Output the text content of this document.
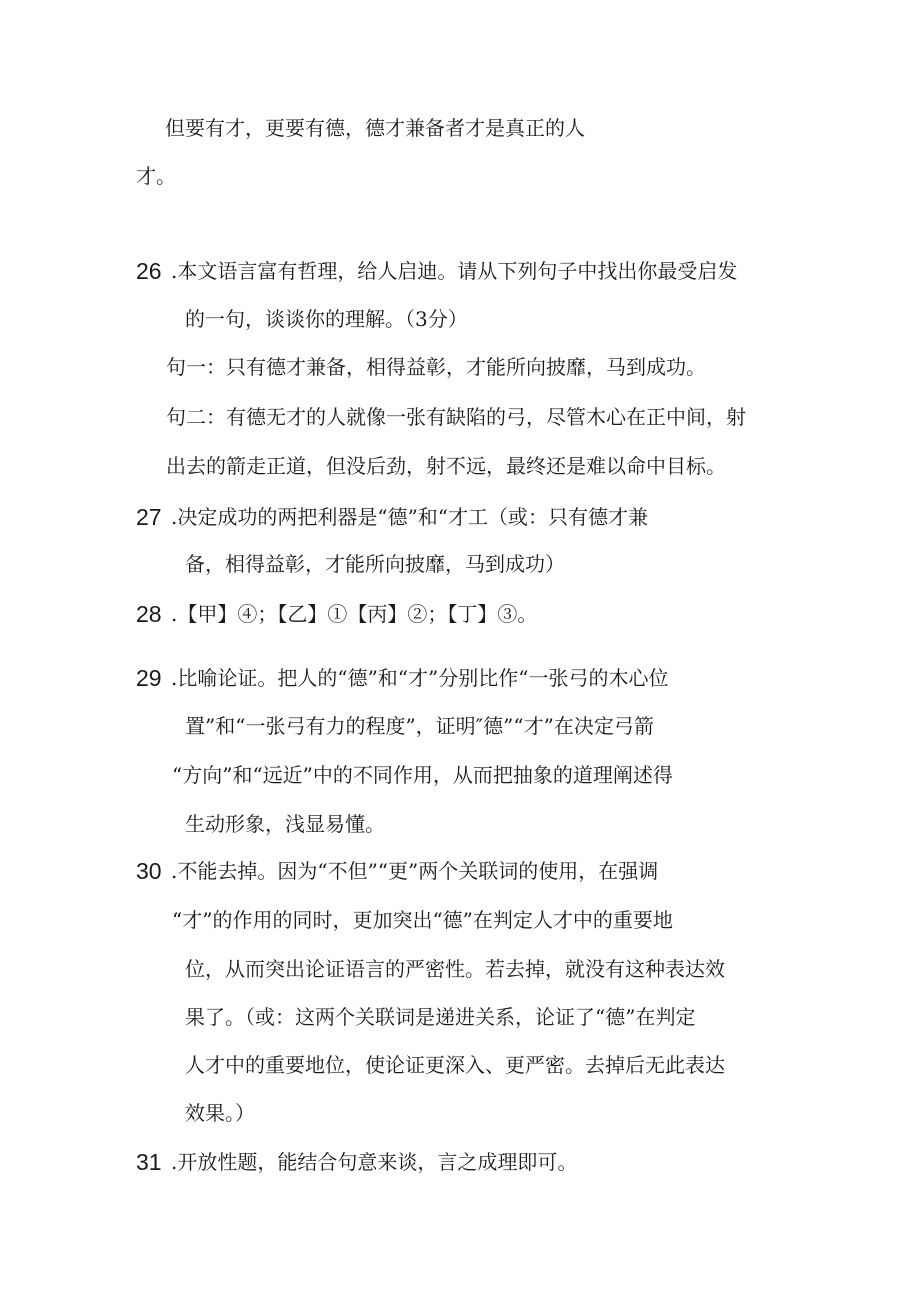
但要有才，更要有德，德才兼备者才是真正的人
才。
26 .本文语言富有哲理，给人启迪。请从下列句子中找出你最受启发
的一句，谈谈你的理解。（3分）
句一：只有德才兼备，相得益彰，才能所向披靡，马到成功。
句二：有德无才的人就像一张有缺陷的弓，尽管木心在正中间，射
出去的箭走正道，但没后劲，射不远，最终还是难以命中目标。
27 .决定成功的两把利器是“德”和“才工（或：只有德才兼
备，相得益彰，才能所向披靡，马到成功）
28 .【甲】④；【乙】①【丙】②；【丁】③。
29 .比喻论证。把人的“德”和“才”分别比作“一张弓的木心位
置”和“一张弓有力的程度”，证明″德”“才”在决定弓箭
“方向”和“远近”中的不同作用，从而把抽象的道理阐述得
生动形象，浅显易懂。
30 .不能去掉。因为“不但”“更”两个关联词的使用，在强调
“才”的作用的同时，更加突出“德”在判定人才中的重要地
位，从而突出论证语言的严密性。若去掉，就没有这种表达效
果了。（或：这两个关联词是递进关系，论证了“德”在判定
人才中的重要地位，使论证更深入、更严密。去掉后无此表达
效果。）
31 .开放性题，能结合句意来谈，言之成理即可。
